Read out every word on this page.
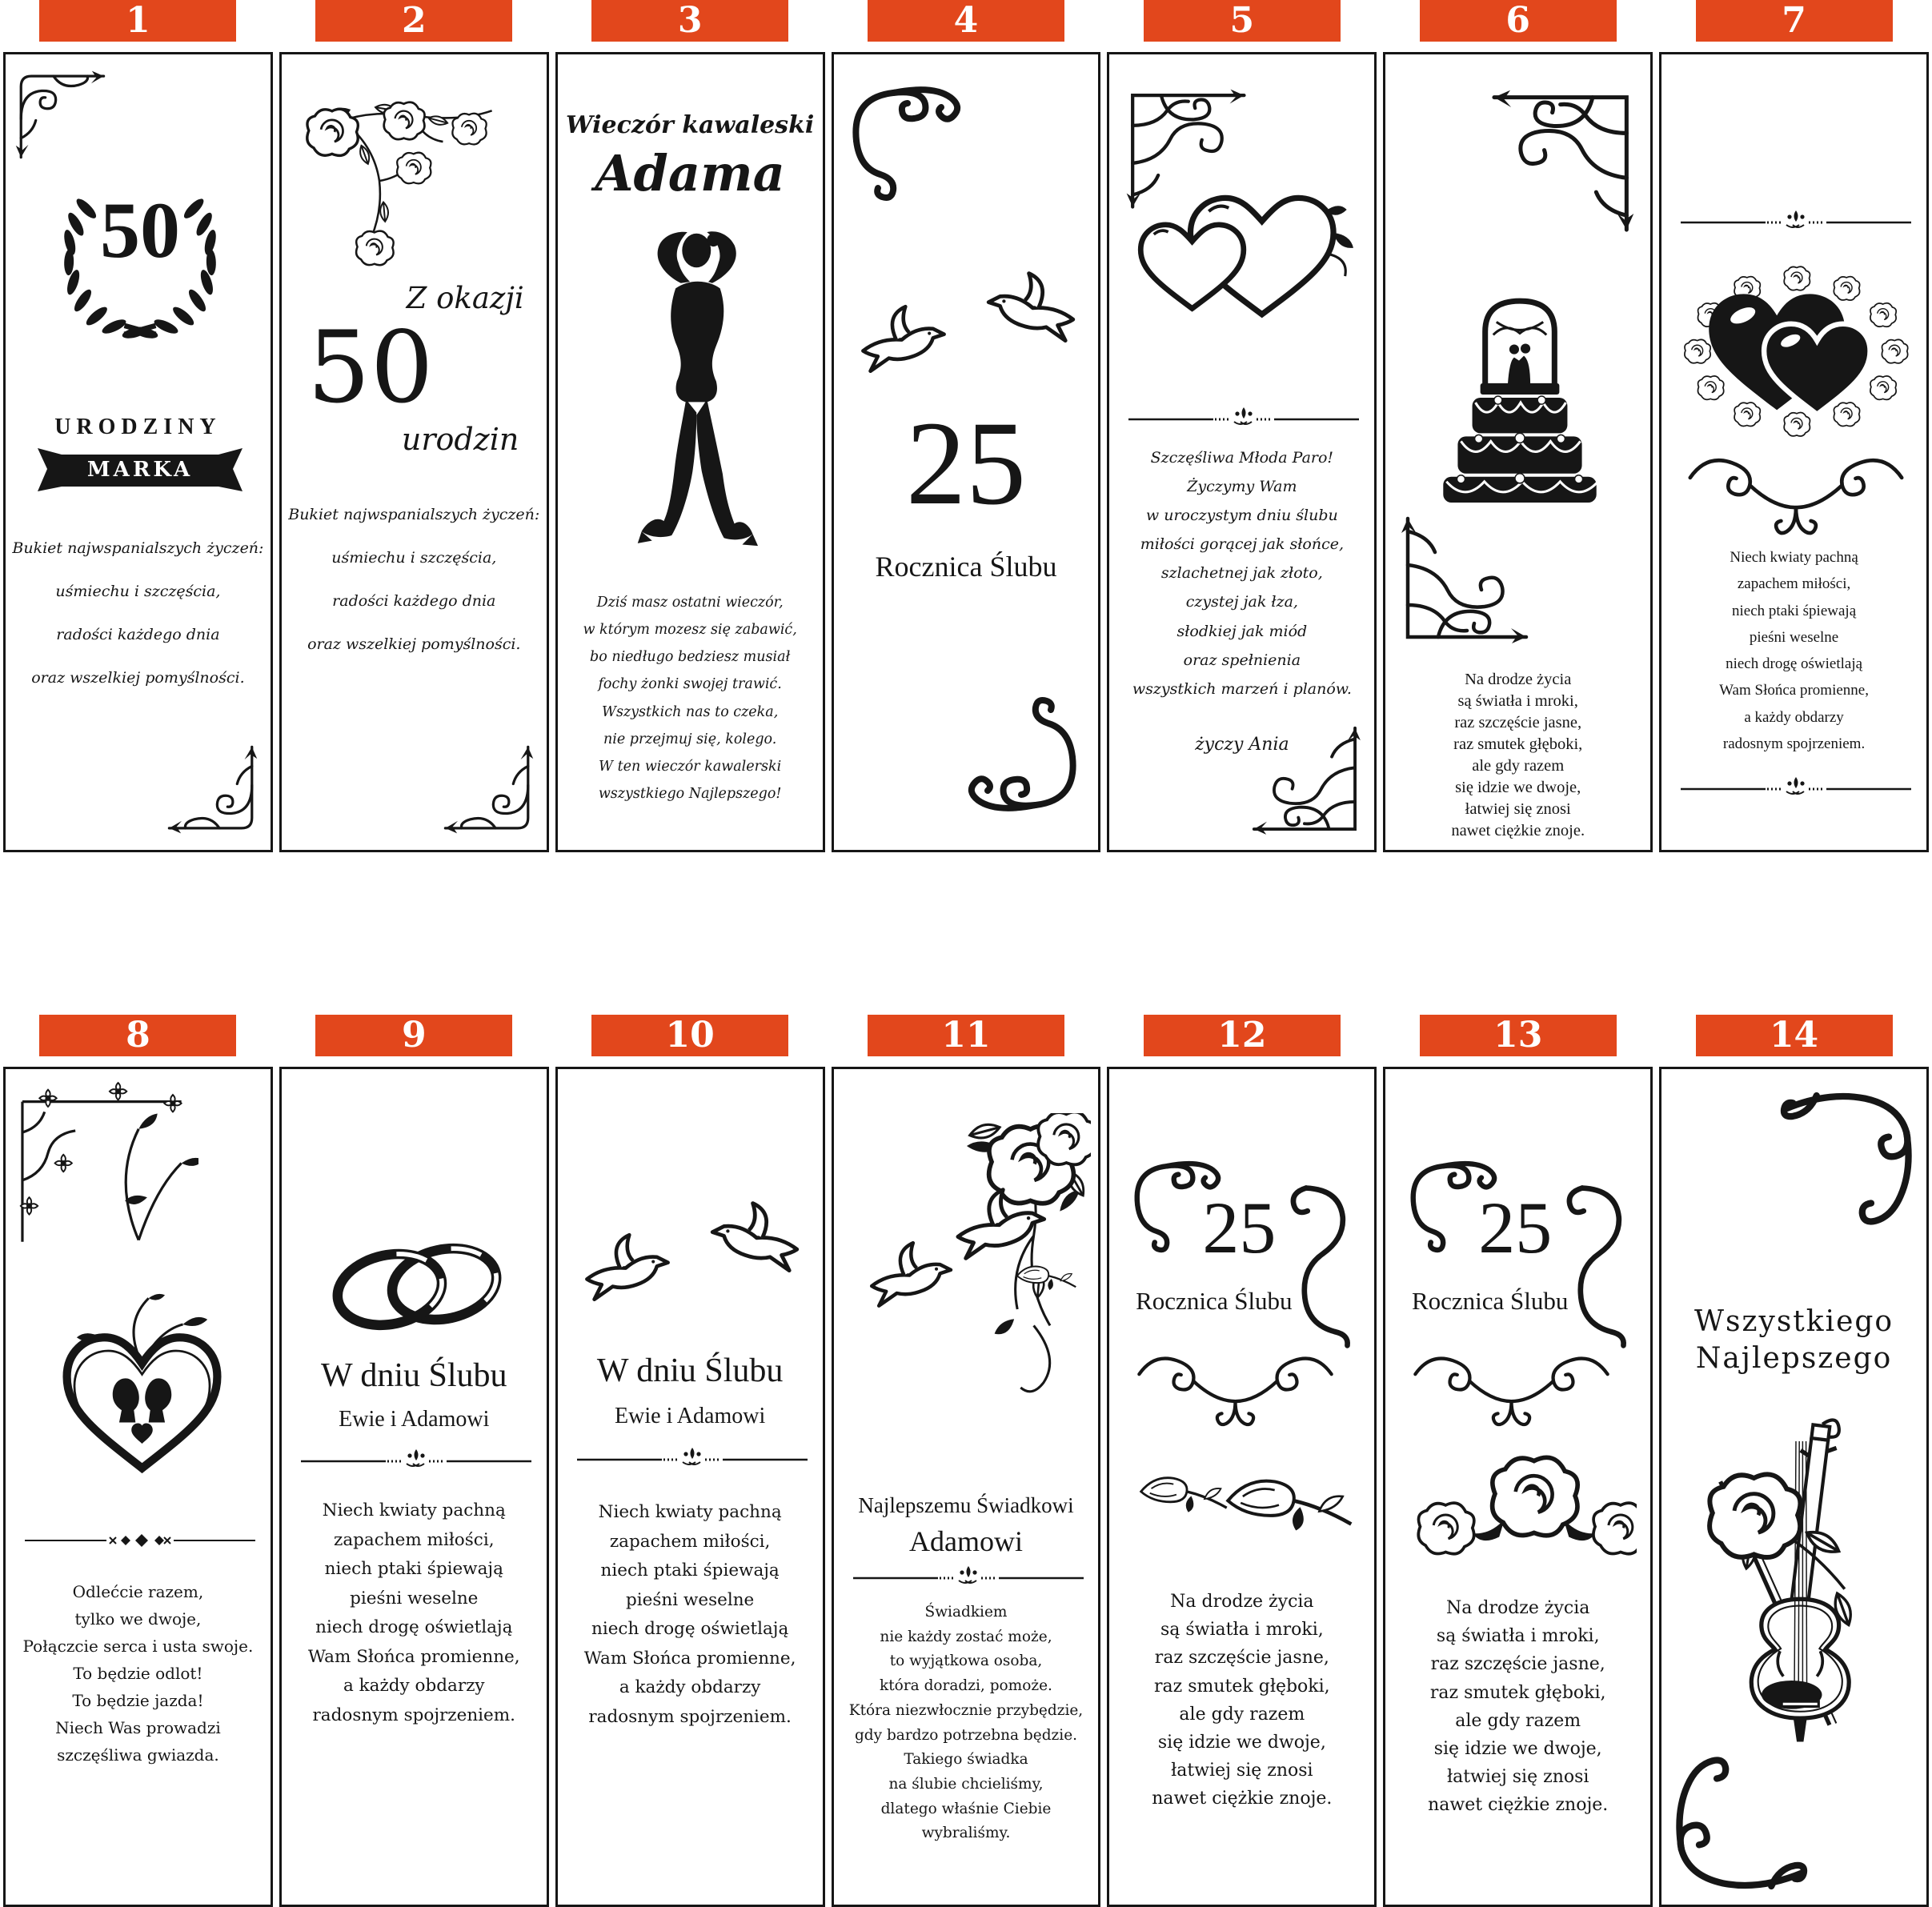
1
50
URODZINY
MARKA
Bukiet najwspanialszych życzeń:
uśmiechu i szczęścia,
radości każdego dnia
oraz wszelkiej pomyślności.
2
Z okazji
50
urodzin
Bukiet najwspanialszych życzeń:
uśmiechu i szczęścia,
radości każdego dnia
oraz wszelkiej pomyślności.
3
Wieczór kawaleski
Adama
Dziś masz ostatni wieczór,
w którym mozesz się zabawić,
bo niedługo bedziesz musiał
fochy żonki swojej trawić.
Wszystkich nas to czeka,
nie przejmuj się, kolego.
W ten wieczór kawalerski
wszystkiego Najlepszego!
4
25
Rocznica Ślubu
5
Szczęśliwa Młoda Paro!
Życzymy Wam
w uroczystym dniu ślubu
miłości gorącej jak słońce,
szlachetnej jak złoto,
czystej jak łza,
słodkiej jak miód
oraz spełnienia
wszystkich marzeń i planów.
życzy Ania
6
Na drodze życia
są światła i mroki,
raz szczęście jasne,
raz smutek głęboki,
ale gdy razem
się idzie we dwoje,
łatwiej się znosi
nawet ciężkie znoje.
7
Niech kwiaty pachną
zapachem miłości,
niech ptaki śpiewają
pieśni weselne
niech drogę oświetlają
Wam Słońca promienne,
a każdy obdarzy
radosnym spojrzeniem.
8
Odlećcie razem,
tylko we dwoje,
Połączcie serca i usta swoje.
To będzie odlot!
To będzie jazda!
Niech Was prowadzi
szczęśliwa gwiazda.
9
W dniu Ślubu
Ewie i Adamowi
Niech kwiaty pachną
zapachem miłości,
niech ptaki śpiewają
pieśni weselne
niech drogę oświetlają
Wam Słońca promienne,
a każdy obdarzy
radosnym spojrzeniem.
10
W dniu Ślubu
Ewie i Adamowi
Niech kwiaty pachną
zapachem miłości,
niech ptaki śpiewają
pieśni weselne
niech drogę oświetlają
Wam Słońca promienne,
a każdy obdarzy
radosnym spojrzeniem.
11
Najlepszemu Świadkowi
Adamowi
Świadkiem
nie każdy zostać może,
to wyjątkowa osoba,
która doradzi, pomoże.
Która niezwłocznie przybędzie,
gdy bardzo potrzebna będzie.
Takiego świadka
na ślubie chcieliśmy,
dlatego właśnie Ciebie
wybraliśmy.
12
25
Rocznica Ślubu
Na drodze życia
są światła i mroki,
raz szczęście jasne,
raz smutek głęboki,
ale gdy razem
się idzie we dwoje,
łatwiej się znosi
nawet ciężkie znoje.
13
25
Rocznica Ślubu
Na drodze życia
są światła i mroki,
raz szczęście jasne,
raz smutek głęboki,
ale gdy razem
się idzie we dwoje,
łatwiej się znosi
nawet ciężkie znoje.
14
Wszystkiego
Najlepszego
